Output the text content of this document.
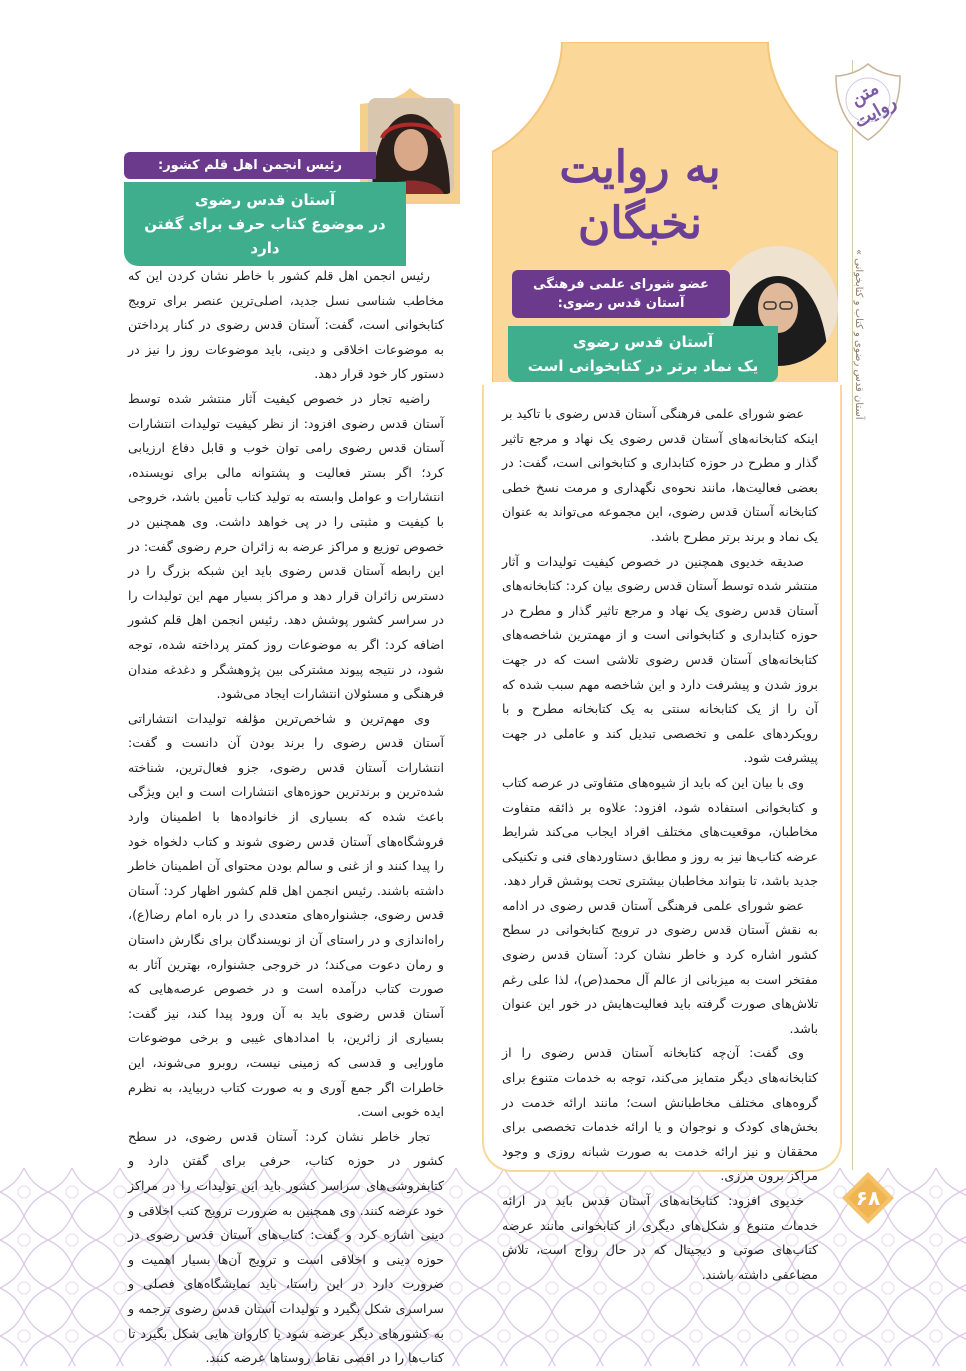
آستان قدس رضوی و کتاب و کتابخوانی »
متن روایت
۶۸
به روایت
نخبگان
عضو شورای علمی فرهنگی
آستان قدس رضوی:
آستان قدس رضوی
یک نماد برتر در کتابخوانی است

عضو شورای علمی فرهنگی آستان قدس رضوی با تاکید بر اینکه کتابخانه‌های آستان قدس رضوی یک نهاد و مرجع تاثیر گذار و مطرح در حوزه کتابداری و کتابخوانی است، گفت: در بعضی فعالیت‌ها، مانند نحوه‌ی نگهداری و مرمت نسخ خطی کتابخانه آستان قدس رضوی، این مجموعه می‌تواند به عنوان یک نماد و برند برتر مطرح باشد.

صدیقه خدیوی همچنین در خصوص کیفیت تولیدات و آثار منتشر شده توسط آستان قدس رضوی بیان کرد: کتابخانه‌های آستان قدس رضوی یک نهاد و مرجع تاثیر گذار و مطرح در حوزه کتابداری و کتابخوانی است و از مهمترین شاخصه‌های کتابخانه‌های آستان قدس رضوی تلاشی است که در جهت بروز شدن و پیشرفت دارد و این شاخصه مهم سبب شده که آن را از یک کتابخانه سنتی به یک کتابخانه مطرح و با رویکردهای علمی و تخصصی تبدیل کند و عاملی در جهت پیشرفت شود.

وی با بیان این که باید از شیوه‌های متفاوتی در عرصه کتاب و کتابخوانی استفاده شود، افزود: علاوه بر ذائقه متفاوت مخاطبان، موقعیت‌های مختلف افراد ایجاب می‌کند شرایط عرضه کتاب‌ها نیز به روز و مطابق دستاوردهای فنی و تکنیکی جدید باشد، تا بتواند مخاطبان بیشتری تحت پوشش قرار دهد.

عضو شورای علمی فرهنگی آستان قدس رضوی در ادامه به نقش آستان قدس رضوی در ترویج کتابخوانی در سطح کشور اشاره کرد و خاطر نشان کرد: آستان قدس رضوی مفتخر است به میزبانی از عالم آل محمد(ص)، لذا علی رغم تلاش‌های صورت گرفته باید فعالیت‌هایش در خور این عنوان باشد.

وی گفت: آن‌چه کتابخانه آستان قدس رضوی را از کتابخانه‌های دیگر متمایز می‌کند، توجه به خدمات متنوع برای گروه‌های مختلف مخاطبانش است؛ مانند ارائه خدمت در بخش‌های کودک و نوجوان و یا ارائه خدمات تخصصی برای محققان و نیز ارائه خدمت به صورت شبانه روزی و وجود مراکز برون مرزی.

خدیوی افزود: کتابخانه‌های آستان قدس باید در ارائه خدمات متنوع و شکل‌های دیگری از کتابخوانی مانند عرضه کتاب‌های صوتی و دیجیتال که در حال رواج است، تلاش مضاعفی داشته باشند.

رئیس انجمن اهل قلم کشور:
آستان قدس رضوی
در موضوع کتاب حرف برای گفتن دارد

رئیس انجمن اهل قلم کشور با خاطر نشان کردن این که مخاطب شناسی نسل جدید، اصلی‌ترین عنصر برای ترویج کتابخوانی است، گفت: آستان قدس رضوی در کنار پرداختن به موضوعات اخلاقی و دینی، باید موضوعات روز را نیز در دستور کار خود قرار دهد.

راضیه تجار در خصوص کیفیت آثار منتشر شده توسط آستان قدس رضوی افزود: از نظر کیفیت تولیدات انتشارات آستان قدس رضوی رامی توان خوب و قابل دفاع ارزیابی کرد؛ اگر بستر فعالیت و پشتوانه مالی برای نویسنده، انتشارات و عوامل وابسته به تولید کتاب تأمین باشد، خروجی با کیفیت و مثبتی را در پی خواهد داشت. وی همچنین در خصوص توزیع و مراکز عرضه به زائران حرم رضوی گفت: در این رابطه آستان قدس رضوی باید این شبکه بزرگ را در دسترس زائران قرار دهد و مراکز بسیار مهم این تولیدات را در سراسر کشور پوشش دهد. رئیس انجمن اهل قلم کشور اضافه کرد: اگر به موضوعات روز کمتر پرداخته شده، توجه شود، در نتیجه پیوند مشترکی بین پژوهشگر و دغدغه مندان فرهنگی و مسئولان انتشارات ایجاد می‌شود.

وی مهم‌ترین و شاخص‌ترین مؤلفه تولیدات انتشاراتی آستان قدس رضوی را برند بودن آن دانست و گفت: انتشارات آستان قدس رضوی، جزو فعال‌ترین، شناخته شده‌ترین و برندترین حوزه‌های انتشارات است و این ویژگی باعث شده که بسیاری از خانواده‌ها با اطمینان وارد فروشگاه‌های آستان قدس رضوی شوند و کتاب دلخواه خود را پیدا کنند و از غنی و سالم بودن محتوای آن اطمینان خاطر داشته باشند. رئیس انجمن اهل قلم کشور اظهار کرد: آستان قدس رضوی، جشنواره‌های متعددی را در باره امام رضا(ع)، راه‌اندازی و در راستای آن از نویسندگان برای نگارش داستان و رمان دعوت می‌کند؛ در خروجی جشنواره، بهترین آثار به صورت کتاب درآمده است و در خصوص عرصه‌هایی که آستان قدس رضوی باید به آن ورود پیدا کند، نیز گفت: بسیاری از زائرین، با امدادهای غیبی و برخی موضوعات ماورایی و قدسی که زمینی نیست، روبرو می‌شوند، این خاطرات اگر جمع آوری و به صورت کتاب دربیاید، به نظرم ایده خوبی است.

تجار خاطر نشان کرد: آستان قدس رضوی، در سطح کشور در حوزه کتاب، حرفی برای گفتن دارد و کتابفروشی‌های سراسر کشور باید این تولیدات را در مراکز خود عرضه کنند. وی همچنین به ضرورت ترویج کتب اخلاقی و دینی اشاره کرد و گفت: کتاب‌های آستان قدس رضوی در حوزه دینی و اخلاقی است و ترویج آن‌ها بسیار اهمیت و ضرورت دارد در این راستا، باید نمایشگاه‌های فصلی و سراسری شکل بگیرد و تولیدات آستان قدس رضوی ترجمه و به کشورهای دیگر عرضه شود یا کاروان هایی شکل بگیرد تا کتاب‌ها را در اقصی نقاط روستاها عرضه کنند.
